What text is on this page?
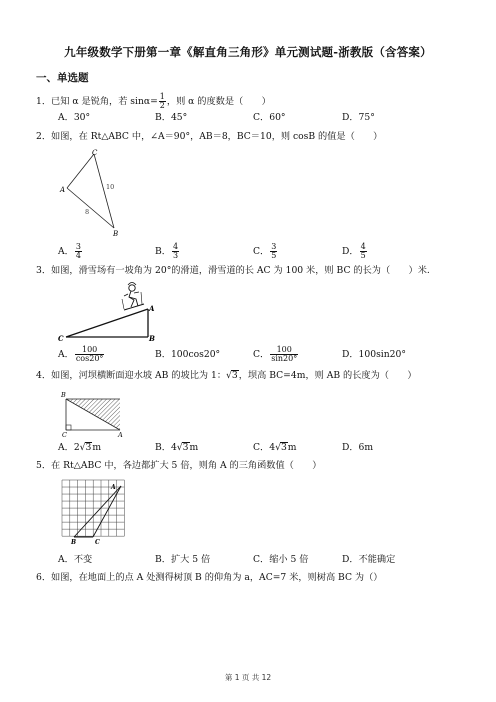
九年级数学下册第一章《解直角三角形》单元测试题-浙教版（含答案）
一、单选题
1．已知 α 是锐角，若 $\sin\alpha= \frac{1}{2}$ ，则 α 的度数是（　　）
A．30°	B．45°	C．60°	D．75°
2．如图，在 Rt△ABC 中，∠A＝90°，AB＝8，BC＝10，则 cosB 的值是（　　）
C
A
B
10
8
A． $\frac{3}{4}$	B． $\frac{4}{3}$	C． $\frac{3}{5}$	D． $\frac{4}{5}$
3．如图，滑雪场有一坡角为 20°的滑道，滑雪道的长 AC 为 100 米，则 BC 的长为（　　）米.
C
A
B
A． $\frac{100}{\cos 20^\circ}$	B．100cos20°	C． $\frac{100}{\sin 20^\circ}$	D．100sin20°
4．如图，河坝横断面迎水坡 AB 的坡比为 1：√3，坝高 BC=4m，则 AB 的长度为（　　）
B
C	A
A．2√3m	B．4√3m	C．4√3m	D．6m
5．在 Rt△ABC 中，各边都扩大 5 倍，则角 A 的三角函数值（　　）
A
B	C
A．不变	B．扩大 5 倍	C．缩小 5 倍	D．不能确定
6．如图，在地面上的点 A 处测得树顶 B 的仰角为 a，AC=7 米，则树高 BC 为（）
第 1 页 共 12
